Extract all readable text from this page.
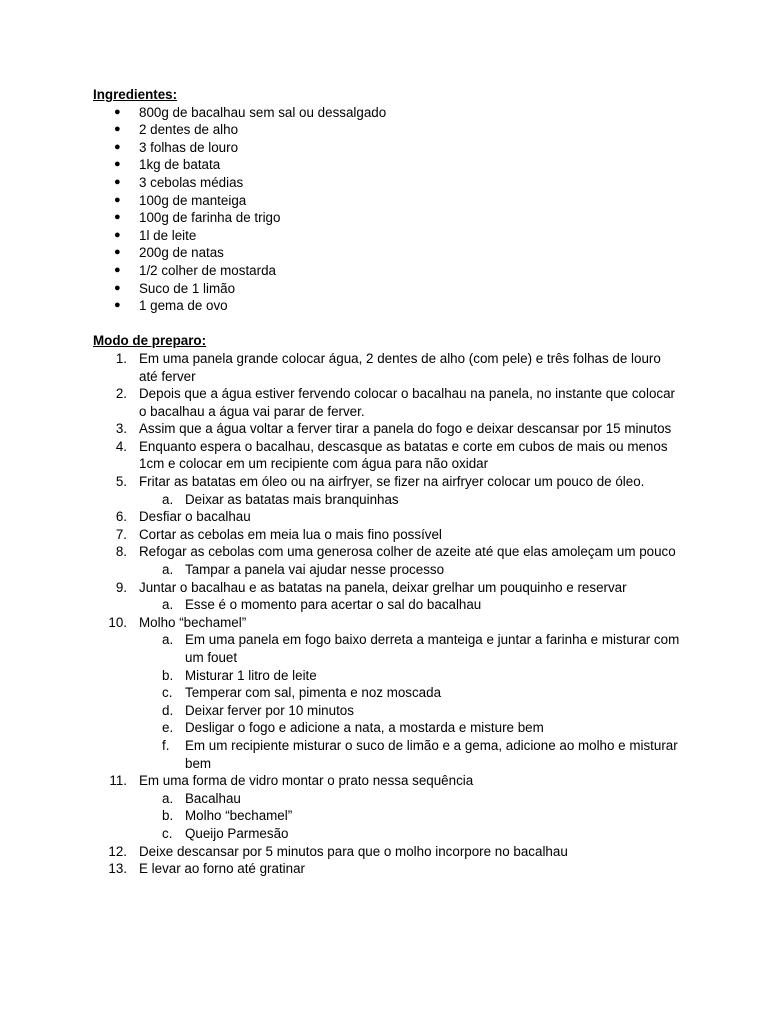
Ingredientes:
● 800g de bacalhau sem sal ou dessalgado
● 2 dentes de alho
● 3 folhas de louro
● 1kg de batata
● 3 cebolas médias
● 100g de manteiga
● 100g de farinha de trigo
● 1l de leite
● 200g de natas
● 1/2 colher de mostarda
● Suco de 1 limão
● 1 gema de ovo
Modo de preparo:
1. Em uma panela grande colocar água, 2 dentes de alho (com pele) e três folhas de louro até ferver
2. Depois que a água estiver fervendo colocar o bacalhau na panela, no instante que colocar o bacalhau a água vai parar de ferver.
3. Assim que a água voltar a ferver tirar a panela do fogo e deixar descansar por 15 minutos
4. Enquanto espera o bacalhau, descasque as batatas e corte em cubos de mais ou menos 1cm e colocar em um recipiente com água para não oxidar
5. Fritar as batatas em óleo ou na airfryer, se fizer na airfryer colocar um pouco de óleo.
a. Deixar as batatas mais branquinhas
6. Desfiar o bacalhau
7. Cortar as cebolas em meia lua o mais fino possível
8. Refogar as cebolas com uma generosa colher de azeite até que elas amoleçam um pouco
a. Tampar a panela vai ajudar nesse processo
9. Juntar o bacalhau e as batatas na panela, deixar grelhar um pouquinho e reservar
a. Esse é o momento para acertar o sal do bacalhau
10. Molho “bechamel”
a. Em uma panela em fogo baixo derreta a manteiga e juntar a farinha e misturar com um fouet
b. Misturar 1 litro de leite
c. Temperar com sal, pimenta e noz moscada
d. Deixar ferver por 10 minutos
e. Desligar o fogo e adicione a nata, a mostarda e misture bem
f. Em um recipiente misturar o suco de limão e a gema, adicione ao molho e misturar bem
11. Em uma forma de vidro montar o prato nessa sequência
a. Bacalhau
b. Molho “bechamel”
c. Queijo Parmesão
12. Deixe descansar por 5 minutos para que o molho incorpore no bacalhau
13. E levar ao forno até gratinar
